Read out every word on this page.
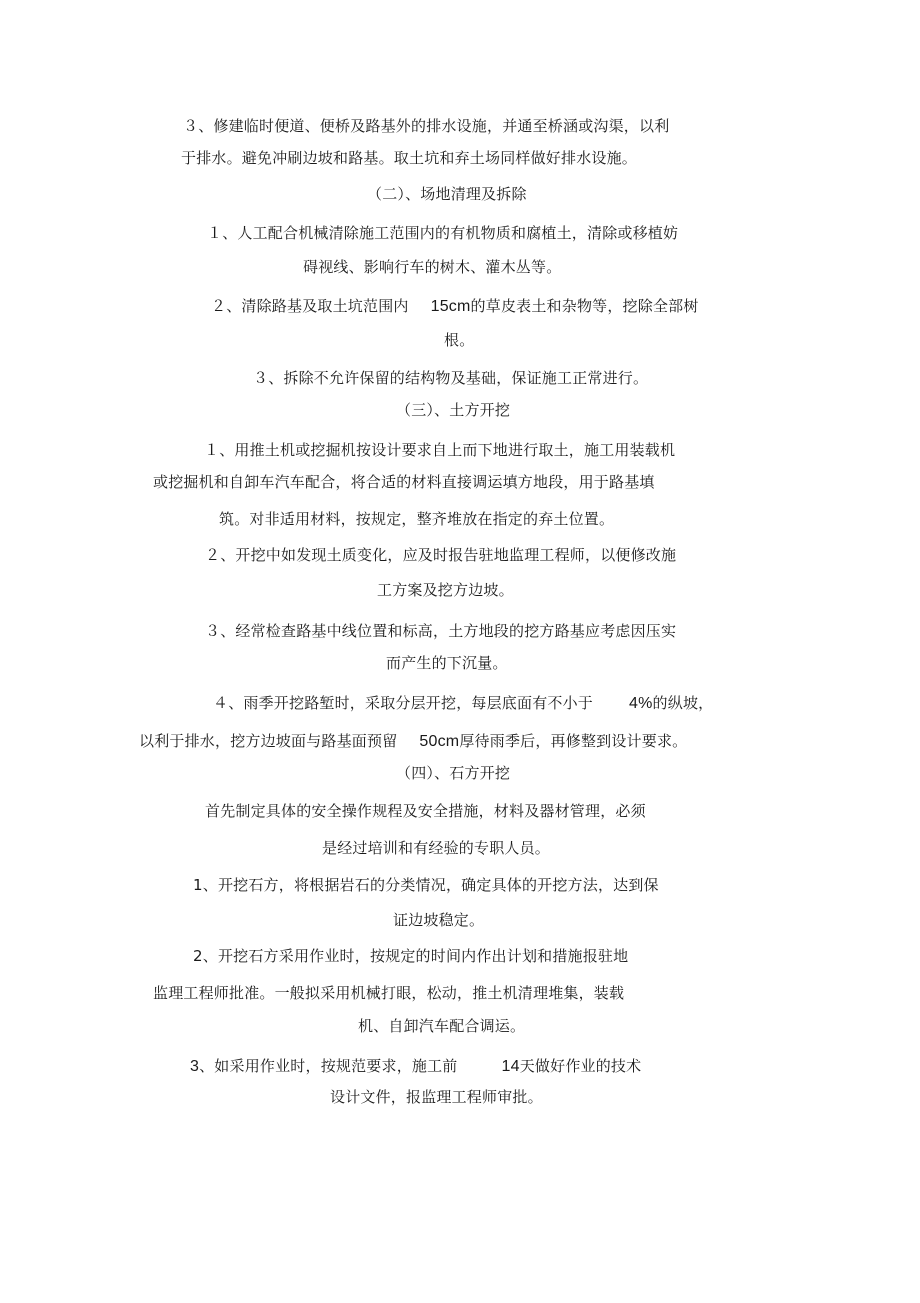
３、修建临时便道、便桥及路基外的排水设施，并通至桥涵或沟渠，以利
于排水。避免冲刷边坡和路基。取土坑和弃土场同样做好排水设施。
（二）、场地清理及拆除
１、人工配合机械清除施工范围内的有机物质和腐植土，清除或移植妨
碍视线、影响行车的树木、灌木丛等。
２、清除路基及取土坑范围内 15cm的草皮表土和杂物等，挖除全部树
根。
３、拆除不允许保留的结构物及基础，保证施工正常进行。
（三）、土方开挖
１、用推土机或挖掘机按设计要求自上而下地进行取土，施工用装载机
或挖掘机和自卸车汽车配合，将合适的材料直接调运填方地段，用于路基填
筑。对非适用材料，按规定，整齐堆放在指定的弃土位置。
２、开挖中如发现土质变化，应及时报告驻地监理工程师，以便修改施
工方案及挖方边坡。
３、经常检查路基中线位置和标高，土方地段的挖方路基应考虑因压实
而产生的下沉量。
４、雨季开挖路堑时，采取分层开挖，每层底面有不小于 4%的纵坡，
以利于排水，挖方边坡面与路基面预留 50cm厚待雨季后，再修整到设计要求。
（四）、石方开挖
首先制定具体的安全操作规程及安全措施，材料及器材管理，必须
是经过培训和有经验的专职人员。
1、开挖石方，将根据岩石的分类情况，确定具体的开挖方法，达到保
证边坡稳定。
2、开挖石方采用作业时，按规定的时间内作出计划和措施报驻地
监理工程师批准。一般拟采用机械打眼，松动，推土机清理堆集，装载
机、自卸汽车配合调运。
3、如采用作业时，按规范要求，施工前	14天做好作业的技术
设计文件，报监理工程师审批。
